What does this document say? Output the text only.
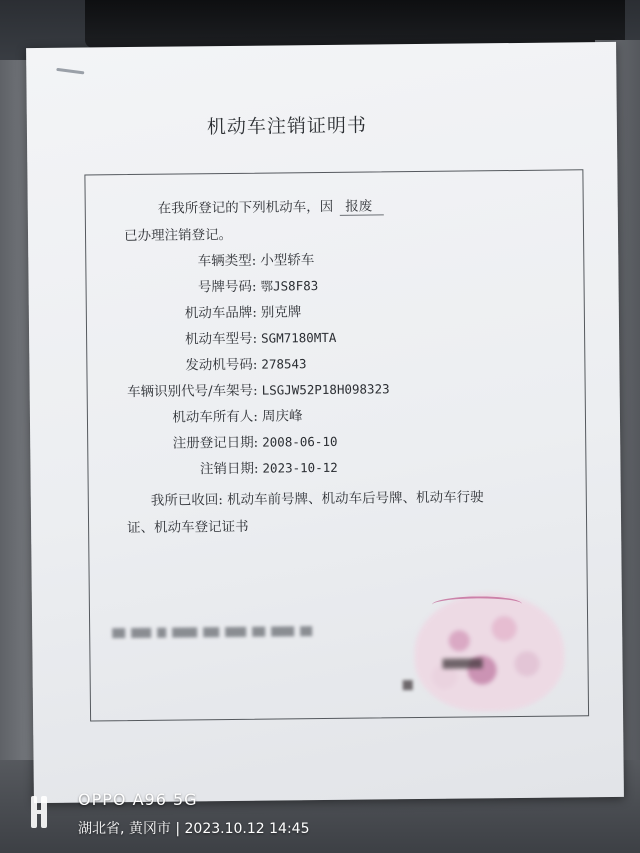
机动车注销证明书
在我所登记的下列机动车，因 报废
已办理注销登记。
车辆类型: 小型轿车
号牌号码: 鄂JS8F83
机动车品牌: 别克牌
机动车型号: SGM7180MTA
发动机号码: 278543
车辆识别代号/车架号: LSGJW52P18H098323
机动车所有人: 周庆峰
注册登记日期: 2008-06-10
注销日期: 2023-10-12
我所已收回: 机动车前号牌、机动车后号牌、机动车行驶
证、机动车登记证书
OPPO A96 5G
湖北省, 黄冈市 | 2023.10.12 14:45
